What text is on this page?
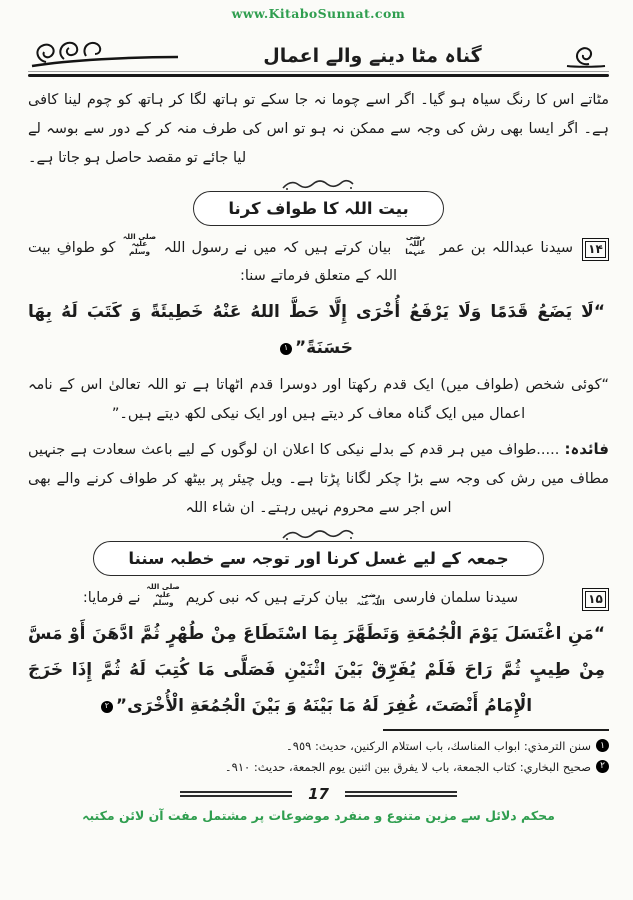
www.KitaboSunnat.com
گناہ مٹا دینے والے اعمال

مٹاتے اس کا رنگ سیاہ ہو گیا۔ اگر اسے چوما نہ جا سکے تو ہاتھ لگا کر ہاتھ کو چوم لینا کافی ہے۔ اگر ایسا بھی رش کی وجہ سے ممکن نہ ہو تو اس کی طرف منہ کر کے دور سے بوسہ لے لیا جائے تو مقصد حاصل ہو جاتا ہے۔

بیت اللہ کا طواف کرنا

۱۴
سیدنا عبداللہ بن عمر رضی اللہ عنہما بیان کرتے ہیں کہ میں نے رسول اللہ صلی اللہ علیہ وسلم کو طوافِ بیت اللہ کے متعلق فرماتے سنا:

“لَا يَضَعُ قَدَمًا وَلَا يَرْفَعُ أُخْرَى إِلَّا حَطَّ اللهُ عَنْهُ خَطِيئَةً وَ كَتَبَ لَهُ بِهَا حَسَنَةً”١

“کوئی شخص (طواف میں) ایک قدم رکھتا اور دوسرا قدم اٹھاتا ہے تو اللہ تعالیٰ اس کے نامہ اعمال میں ایک گناہ معاف کر دیتے ہیں اور ایک نیکی لکھ دیتے ہیں۔”

فائدہ: .....طواف میں ہر قدم کے بدلے نیکی کا اعلان ان لوگوں کے لیے باعث سعادت ہے جنہیں مطاف میں رش کی وجہ سے بڑا چکر لگانا پڑتا ہے۔ ویل چیئر پر بیٹھ کر طواف کرنے والے بھی اس اجر سے محروم نہیں رہتے۔ ان شاء اللہ

جمعہ کے لیے غسل کرنا اور توجہ سے خطبہ سننا

۱۵
سیدنا سلمان فارسی رضی اللہ عنہ بیان کرتے ہیں کہ نبی کریم صلی اللہ علیہ وسلم نے فرمایا:

“مَنِ اغْتَسَلَ يَوْمَ الْجُمُعَةِ وَتَطَهَّرَ بِمَا اسْتَطَاعَ مِنْ طُهْرٍ ثُمَّ ادَّهَنَ أَوْ مَسَّ مِنْ طِيبٍ ثُمَّ رَاحَ فَلَمْ يُفَرِّقْ بَيْنَ اثْنَيْنِ فَصَلَّى مَا كُتِبَ لَهُ ثُمَّ إِذَا خَرَجَ الْإِمَامُ أَنْصَتَ، غُفِرَ لَهُ مَا بَيْنَهُ وَ بَيْنَ الْجُمُعَةِ الْأُخْرَى”٢

١
سنن الترمذي: ابواب المناسك، باب استلام الركنين، حديث: ٩٥٩۔
٢
صحيح البخاري: كتاب الجمعة، باب لا يفرق بين اثنين يوم الجمعة، حديث: ٩١٠۔
17
محکم دلائل سے مزین متنوع و منفرد موضوعات پر مشتمل مفت آن لائن مکتبہ
